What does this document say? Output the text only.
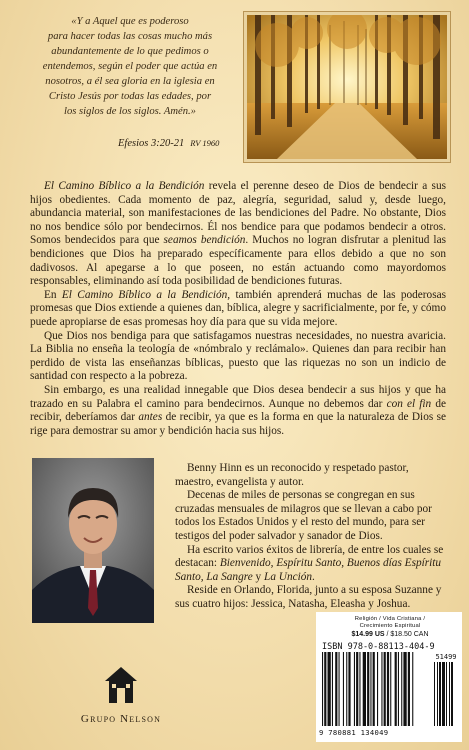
«Y a Aquel que es poderoso
para hacer todas las cosas mucho más
abundantemente de lo que pedimos o
entendemos, según el poder que actúa en
nosotros, a él sea gloria en la iglesia en
Cristo Jesús por todas las edades, por
los siglos de los siglos. Amén.»

Efesios 3:20-21 RV 1960

El Camino Bíblico a la Bendición revela el perenne deseo de Dios de bendecir a sus hijos obedientes. Cada momento de paz, alegría, seguridad, salud y, desde luego, abundancia material, son manifestaciones de las bendiciones del Padre. No obstante, Dios no nos bendice sólo por bendecirnos. Él nos bendice para que podamos bendecir a otros. Somos bendecidos para que seamos bendición. Muchos no logran disfrutar a plenitud las bendiciones que Dios ha preparado específicamente para ellos debido a que no son dadivosos. Al apegarse a lo que poseen, no están actuando como mayordomos responsables, eliminando así toda posibilidad de bendiciones futuras.

En El Camino Bíblico a la Bendición, también aprenderá muchas de las poderosas promesas que Dios extiende a quienes dan, bíblica, alegre y sacrificialmente, por fe, y cómo puede apropiarse de esas promesas hoy día para que su vida mejore.

Que Dios nos bendiga para que satisfagamos nuestras necesidades, no nuestra avaricia. La Biblia no enseña la teología de «nómbralo y reclámalo». Quienes dan para recibir han perdido de vista las enseñanzas bíblicas, puesto que las riquezas no son un indicio de santidad con respecto a la pobreza.

Sin embargo, es una realidad innegable que Dios desea bendecir a sus hijos y que ha trazado en su Palabra el camino para bendecirnos. Aunque no debemos dar con el fin de recibir, deberíamos dar antes de recibir, ya que es la forma en que la naturaleza de Dios se rige para demostrar su amor y bendición hacia sus hijos.

Benny Hinn es un reconocido y respetado pastor, maestro, evangelista y autor.

Decenas de miles de personas se congregan en sus cruzadas mensuales de milagros que se llevan a cabo por todos los Estados Unidos y el resto del mundo, para ser testigos del poder salvador y sanador de Dios.

Ha escrito varios éxitos de librería, de entre los cuales se destacan: Bienvenido, Espíritu Santo, Buenos días Espíritu Santo, La Sangre y La Unción.

Reside en Orlando, Florida, junto a su esposa Suzanne y sus cuatro hijos: Jessica, Natasha, Eleasha y Joshua.

Grupo Nelson
Religión / Vida Cristiana /
Crecimiento Espiritual
$14.99 US / $18.50 CAN
ISBN 978-0-88113-404-9
51499
9 780881 134049
